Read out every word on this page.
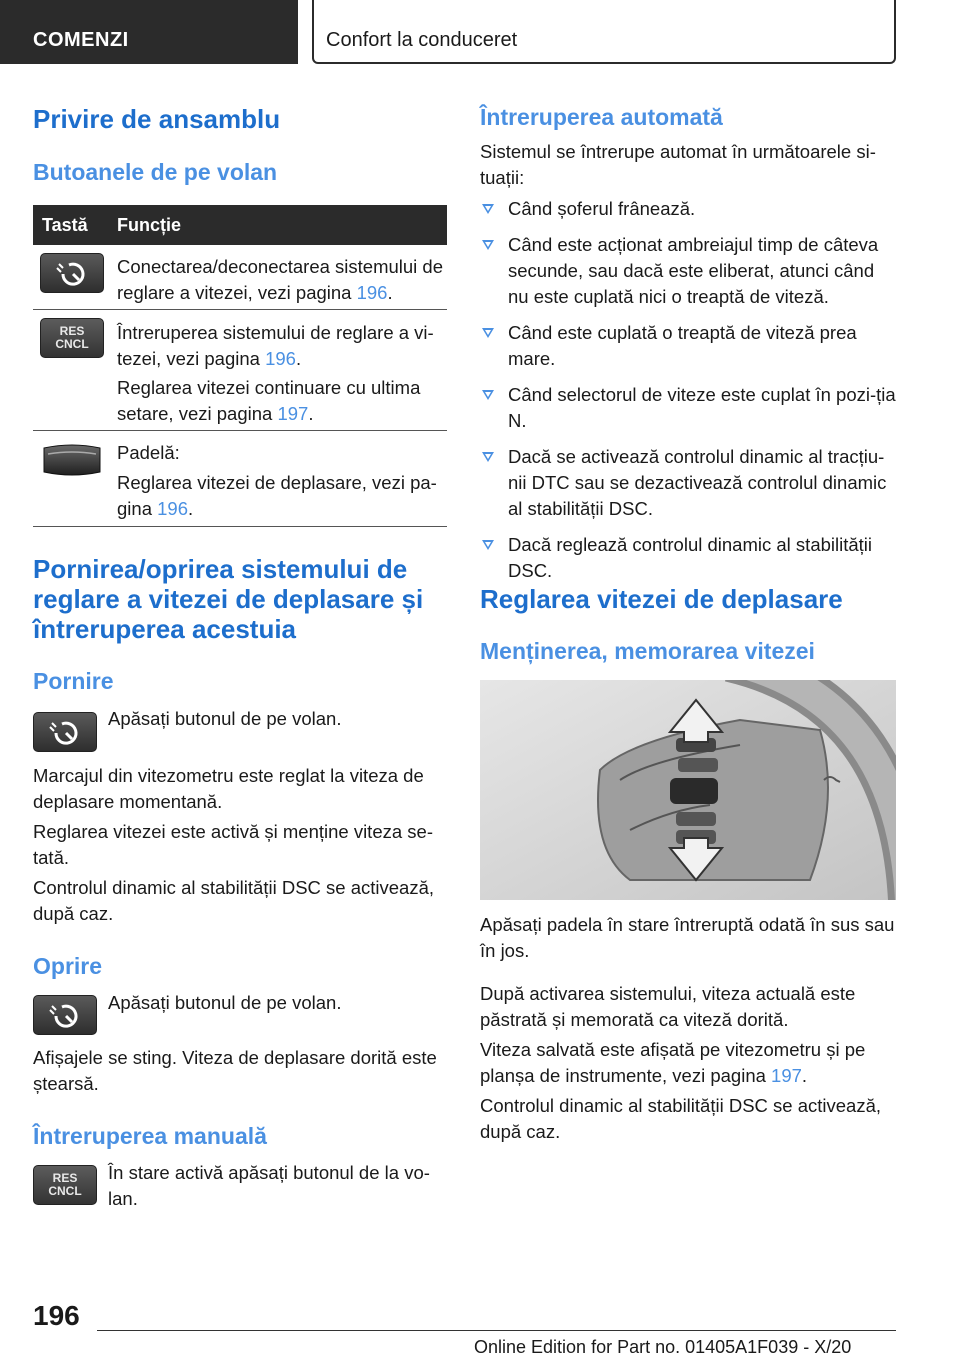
COMENZI	Confort la conduceret
Privire de ansamblu
Butoanele de pe volan
Tastă Funcție

Conectarea/deconectarea sistemului de reglare a vitezei, vezi pagina 196.

RES
CNCL

Întreruperea sistemului de reglare a vi-tezei, vezi pagina 196.

Reglarea vitezei continuare cu ultima setare, vezi pagina 197.

Padelă:

Reglarea vitezei de deplasare, vezi pa-gina 196.

Pornirea/oprirea sistemului de reglare a vitezei de deplasare și întreruperea acestuia
Pornire

Apăsați butonul de pe volan.

Marcajul din vitezometru este reglat la viteza de deplasare momentană.

Reglarea vitezei este activă și menține viteza se-tată.

Controlul dinamic al stabilității DSC se activează, după caz.

Oprire

Apăsați butonul de pe volan.

Afișajele se sting. Viteza de deplasare dorită este ștearsă.

Întreruperea manuală
RES
CNCL

În stare activă apăsați butonul de la vo-lan.

Întreruperea automată

Sistemul se întrerupe automat în următoarele si-tuații:

Când șoferul frânează.
Când este acționat ambreiajul timp de câteva secunde, sau dacă este eliberat, atunci când nu este cuplată nici o treaptă de viteză.
Când este cuplată o treaptă de viteză prea mare.
Când selectorul de viteze este cuplat în pozi-ția N.
Dacă se activează controlul dinamic al tracțiu-nii DTC sau se dezactivează controlul dinamic al stabilității DSC.
Dacă reglează controlul dinamic al stabilității DSC.
Reglarea vitezei de deplasare
Menținerea, memorarea vitezei

Apăsați padela în stare întreruptă odată în sus sau în jos.

După activarea sistemului, viteza actuală este păstrată și memorată ca viteză dorită.

Viteza salvată este afișată pe vitezometru și pe planșa de instrumente, vezi pagina 197.

Controlul dinamic al stabilității DSC se activează, după caz.

196
Online Edition for Part no. 01405A1F039 - X/20
